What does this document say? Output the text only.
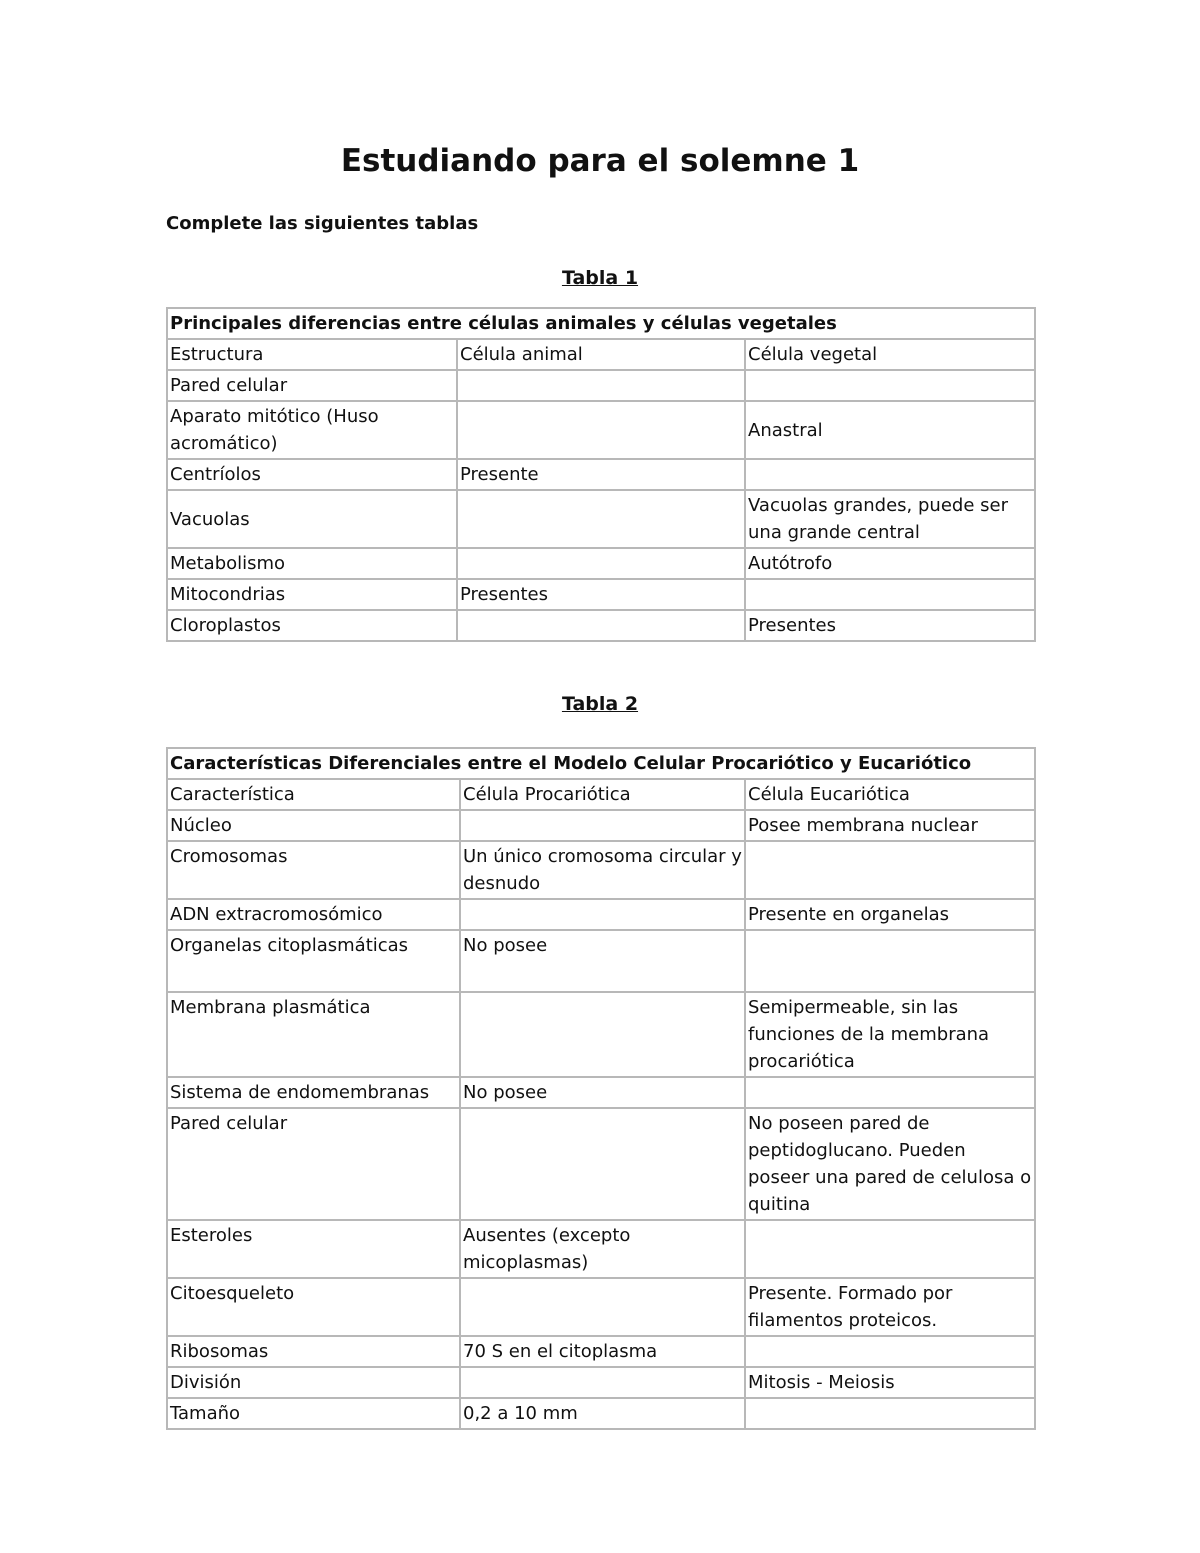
Estudiando para el solemne 1

Complete las siguientes tablas

Tabla 1

Principales diferencias entre células animales y células vegetales		
Estructura	Célula animal	Célula vegetal
Pared celular		
Aparato mitótico (Huso acromático)		Anastral
Centríolos	Presente	
Vacuolas		Vacuolas grandes, puede ser una grande central
Metabolismo		Autótrofo
Mitocondrias	Presentes	
Cloroplastos		Presentes

Tabla 2

Características Diferenciales entre el Modelo Celular Procariótico y Eucariótico		
Característica	Célula Procariótica	Célula Eucariótica
Núcleo		Posee membrana nuclear
Cromosomas	Un único cromosoma circular y desnudo	
ADN extracromosómico		Presente en organelas
Organelas citoplasmáticas	No posee	
Membrana plasmática		Semipermeable, sin las funciones de la membrana procariótica
Sistema de endomembranas	No posee	
Pared celular		No poseen pared de peptidoglucano. Pueden poseer una pared de celulosa o quitina
Esteroles	Ausentes (excepto micoplasmas)	
Citoesqueleto		Presente. Formado por filamentos proteicos.
Ribosomas	70 S en el citoplasma	
División		Mitosis - Meiosis
Tamaño	0,2 a 10 mm	
